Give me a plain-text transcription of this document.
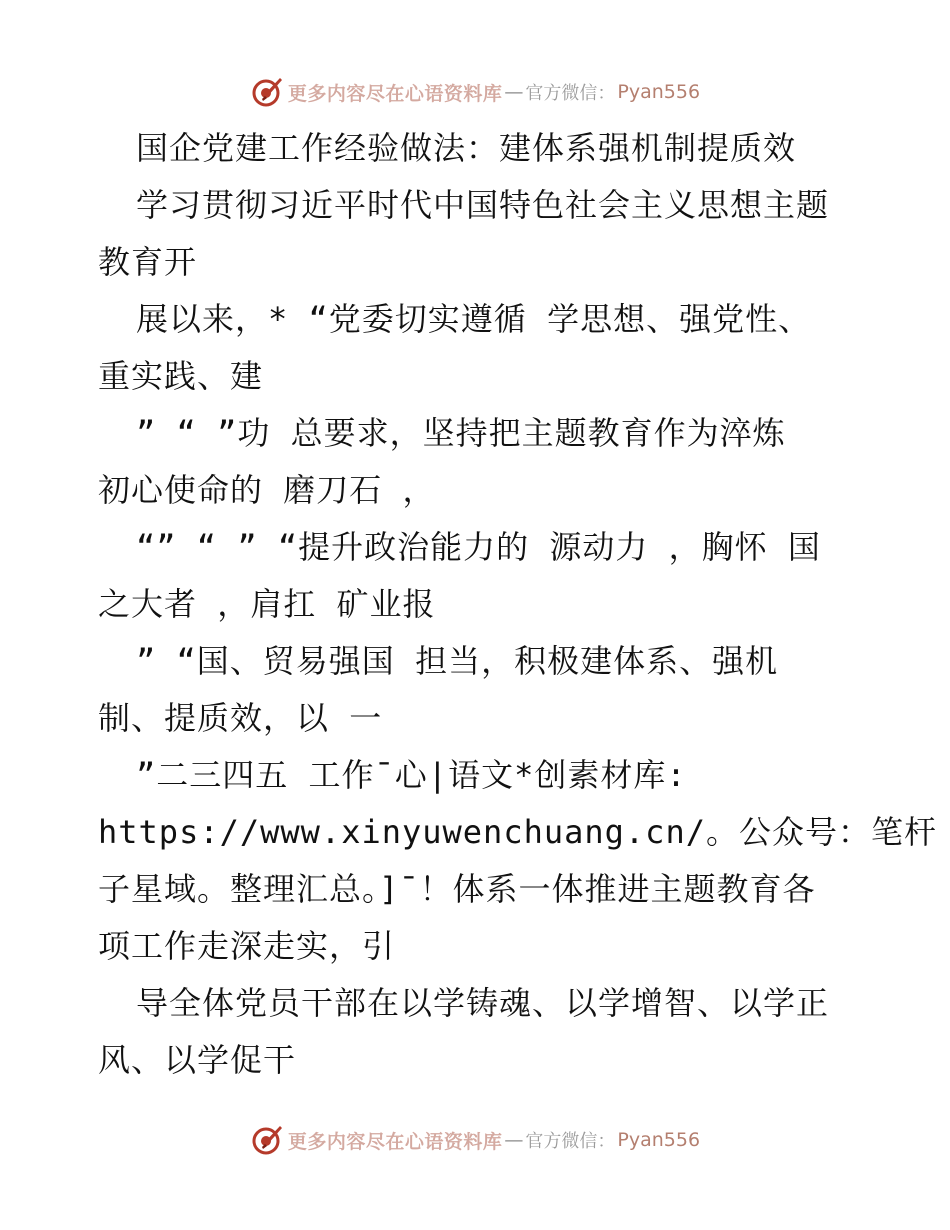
更多内容尽在心语资料库 — 官方微信： Pyan556
国企党建工作经验做法：建体系强机制提质效
学习贯彻习近平时代中国特色社会主义思想主题
教育开
展以来，* “党委切实遵循 学思想、强党性、
重实践、建
” “ ”功 总要求，坚持把主题教育作为淬炼
初心使命的 磨刀石 ，
“” “ ” “提升政治能力的 源动力 ，胸怀 国
之大者 ，肩扛 矿业报
” “国、贸易强国 担当，积极建体系、强机
制、提质效，以 一
”二三四五 工作¯心|语文*创素材库:
https://www.xinyuwenchuang.cn/。公众号：笔杆
子星域。整理汇总。]¯！体系一体推进主题教育各
项工作走深走实，引
导全体党员干部在以学铸魂、以学增智、以学正
风、以学促干
更多内容尽在心语资料库 — 官方微信： Pyan556
